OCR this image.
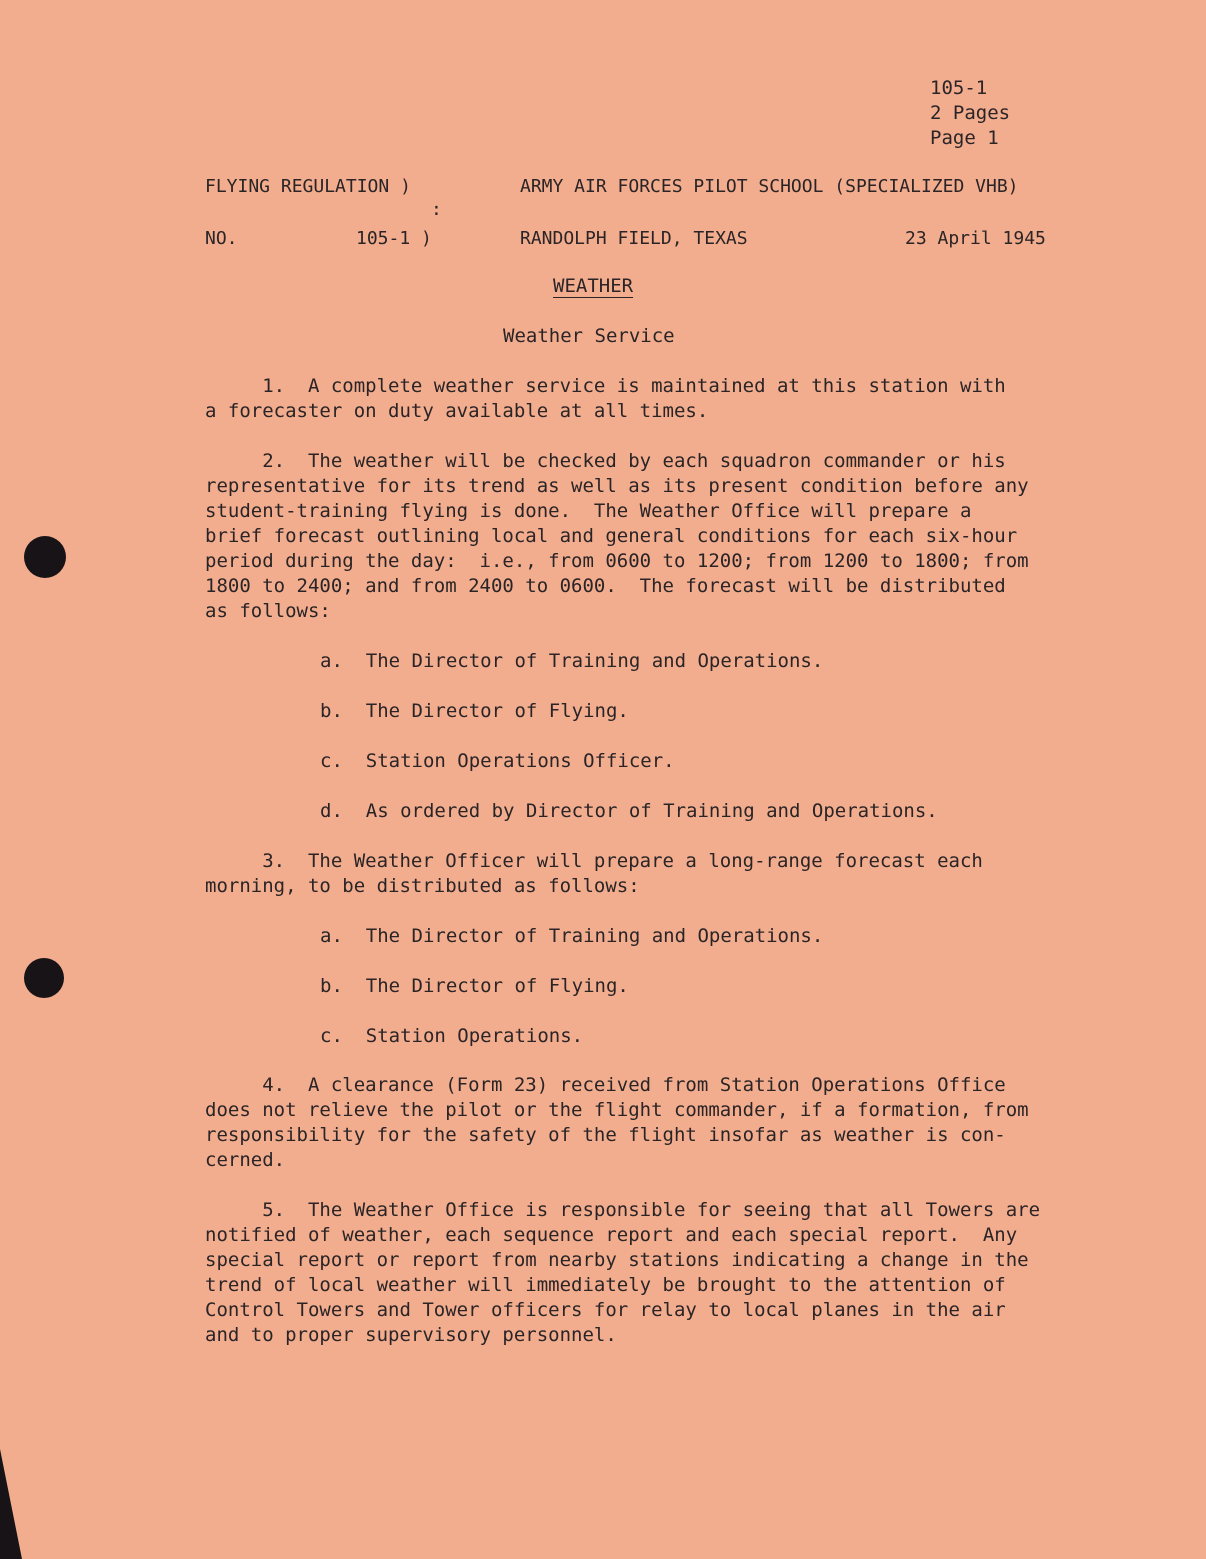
105-1
2 Pages
Page 1
FLYING REGULATION )
:
NO.	105-1 )
ARMY AIR FORCES PILOT SCHOOL (SPECIALIZED VHB)
RANDOLPH FIELD, TEXAS	23 April 1945
WEATHER
Weather Service
1.  A complete weather service is maintained at this station with
a forecaster on duty available at all times.
2.  The weather will be checked by each squadron commander or his
representative for its trend as well as its present condition before any
student-training flying is done.  The Weather Office will prepare a
brief forecast outlining local and general conditions for each six-hour
period during the day:  i.e., from 0600 to 1200; from 1200 to 1800; from
1800 to 2400; and from 2400 to 0600.  The forecast will be distributed
as follows:
a.  The Director of Training and Operations.
b.  The Director of Flying.
c.  Station Operations Officer.
d.  As ordered by Director of Training and Operations.
3.  The Weather Officer will prepare a long-range forecast each
morning, to be distributed as follows:
a.  The Director of Training and Operations.
b.  The Director of Flying.
c.  Station Operations.
4.  A clearance (Form 23) received from Station Operations Office
does not relieve the pilot or the flight commander, if a formation, from
responsibility for the safety of the flight insofar as weather is con-
cerned.
5.  The Weather Office is responsible for seeing that all Towers are
notified of weather, each sequence report and each special report.  Any
special report or report from nearby stations indicating a change in the
trend of local weather will immediately be brought to the attention of
Control Towers and Tower officers for relay to local planes in the air
and to proper supervisory personnel.
